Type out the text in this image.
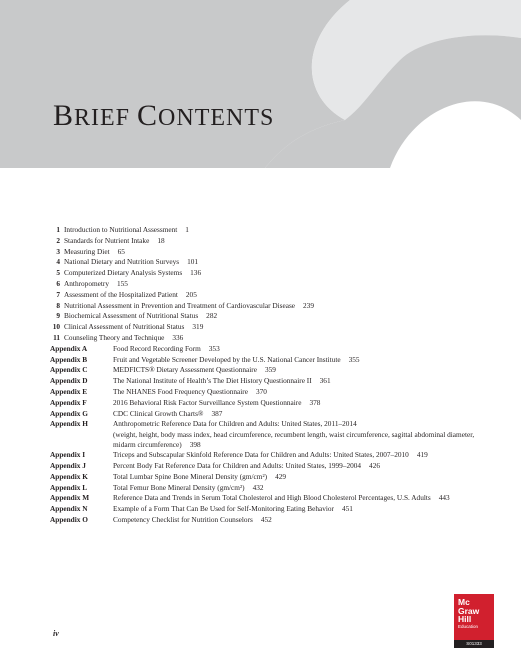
BRIEF CONTENTS
1 Introduction to Nutritional Assessment	1
2 Standards for Nutrient Intake	18
3 Measuring Diet	65
4 National Dietary and Nutrition Surveys	101
5 Computerized Dietary Analysis Systems	136
6 Anthropometry	155
7 Assessment of the Hospitalized Patient	205
8 Nutritional Assessment in Prevention and Treatment of Cardiovascular Disease	239
9 Biochemical Assessment of Nutritional Status	282
10 Clinical Assessment of Nutritional Status	319
11 Counseling Theory and Technique	336
Appendix A	Food Record Recording Form	353
Appendix B	Fruit and Vegetable Screener Developed by the U.S. National Cancer Institute	355
Appendix C	MEDFICTS® Dietary Assessment Questionnaire	359
Appendix D	The National Institute of Health’s The Diet History Questionnaire II	361
Appendix E	The NHANES Food Frequency Questionnaire	370
Appendix F	2016 Behavioral Risk Factor Surveillance System Questionnaire	378
Appendix G	CDC Clinical Growth Charts®	387
Appendix H	Anthropometric Reference Data for Children and Adults: United States, 2011–2014
(weight, height, body mass index, head circumference, recumbent length, waist circumference, sagittal abdominal diameter, midarm circumference) 398
Appendix I	Triceps and Subscapular Skinfold Reference Data for Children and Adults: United States, 2007–2010	419
Appendix J	Percent Body Fat Reference Data for Children and Adults: United States, 1999–2004	426
Appendix K	Total Lumbar Spine Bone Mineral Density (gm/cm²)	429
Appendix L	Total Femur Bone Mineral Density (gm/cm²)	432
Appendix M	Reference Data and Trends in Serum Total Cholesterol and High Blood Cholesterol Percentages, U.S. Adults	443
Appendix N	Example of a Form That Can Be Used for Self-Monitoring Eating Behavior	451
Appendix O	Competency Checklist for Nutrition Counselors	452
iv
Mc
Graw
Hill
Education
S01333
